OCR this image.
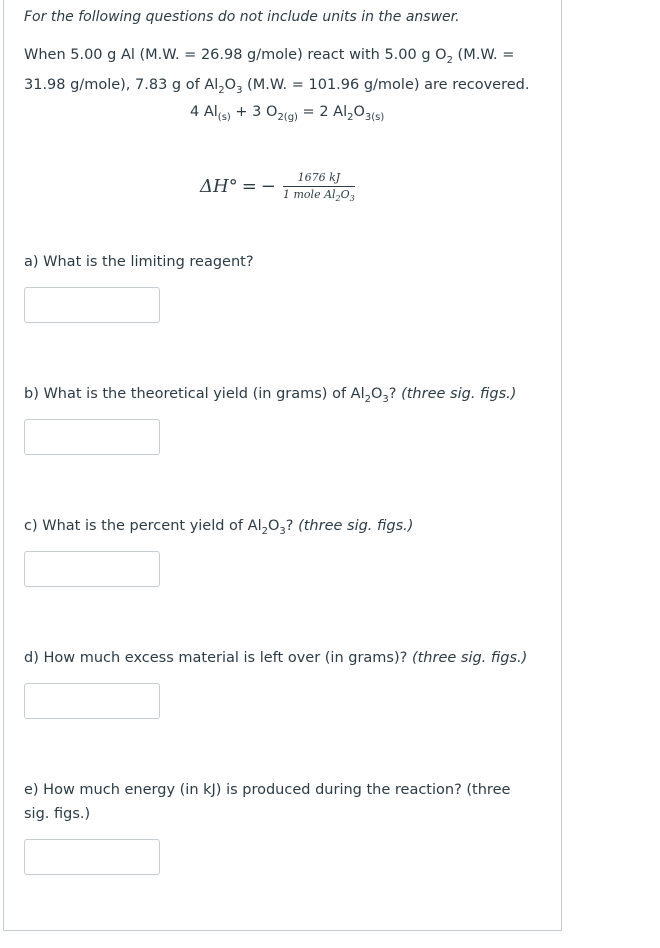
For the following questions do not include units in the answer.
When 5.00 g Al (M.W. = 26.98 g/mole) react with 5.00 g $O_2$ (M.W. = 31.98 g/mole), 7.83 g of $Al_2O_3$ (M.W. = 101.96 g/mole) are recovered.
4 $Al_{(s)} + 3$ $O_{2(g)} = 2$ $Al_2O_{3(s)}$
ΔH° = −	1676 kJ
1 mole $Al_2O_3$
a) What is the limiting reagent?
b) What is the theoretical yield (in grams) of $Al_2O_3$? (three sig. figs.)
c) What is the percent yield of $Al_2O_3$? (three sig. figs.)
d) How much excess material is left over (in grams)? (three sig. figs.)
e) How much energy (in kJ) is produced during the reaction? (three sig. figs.)
